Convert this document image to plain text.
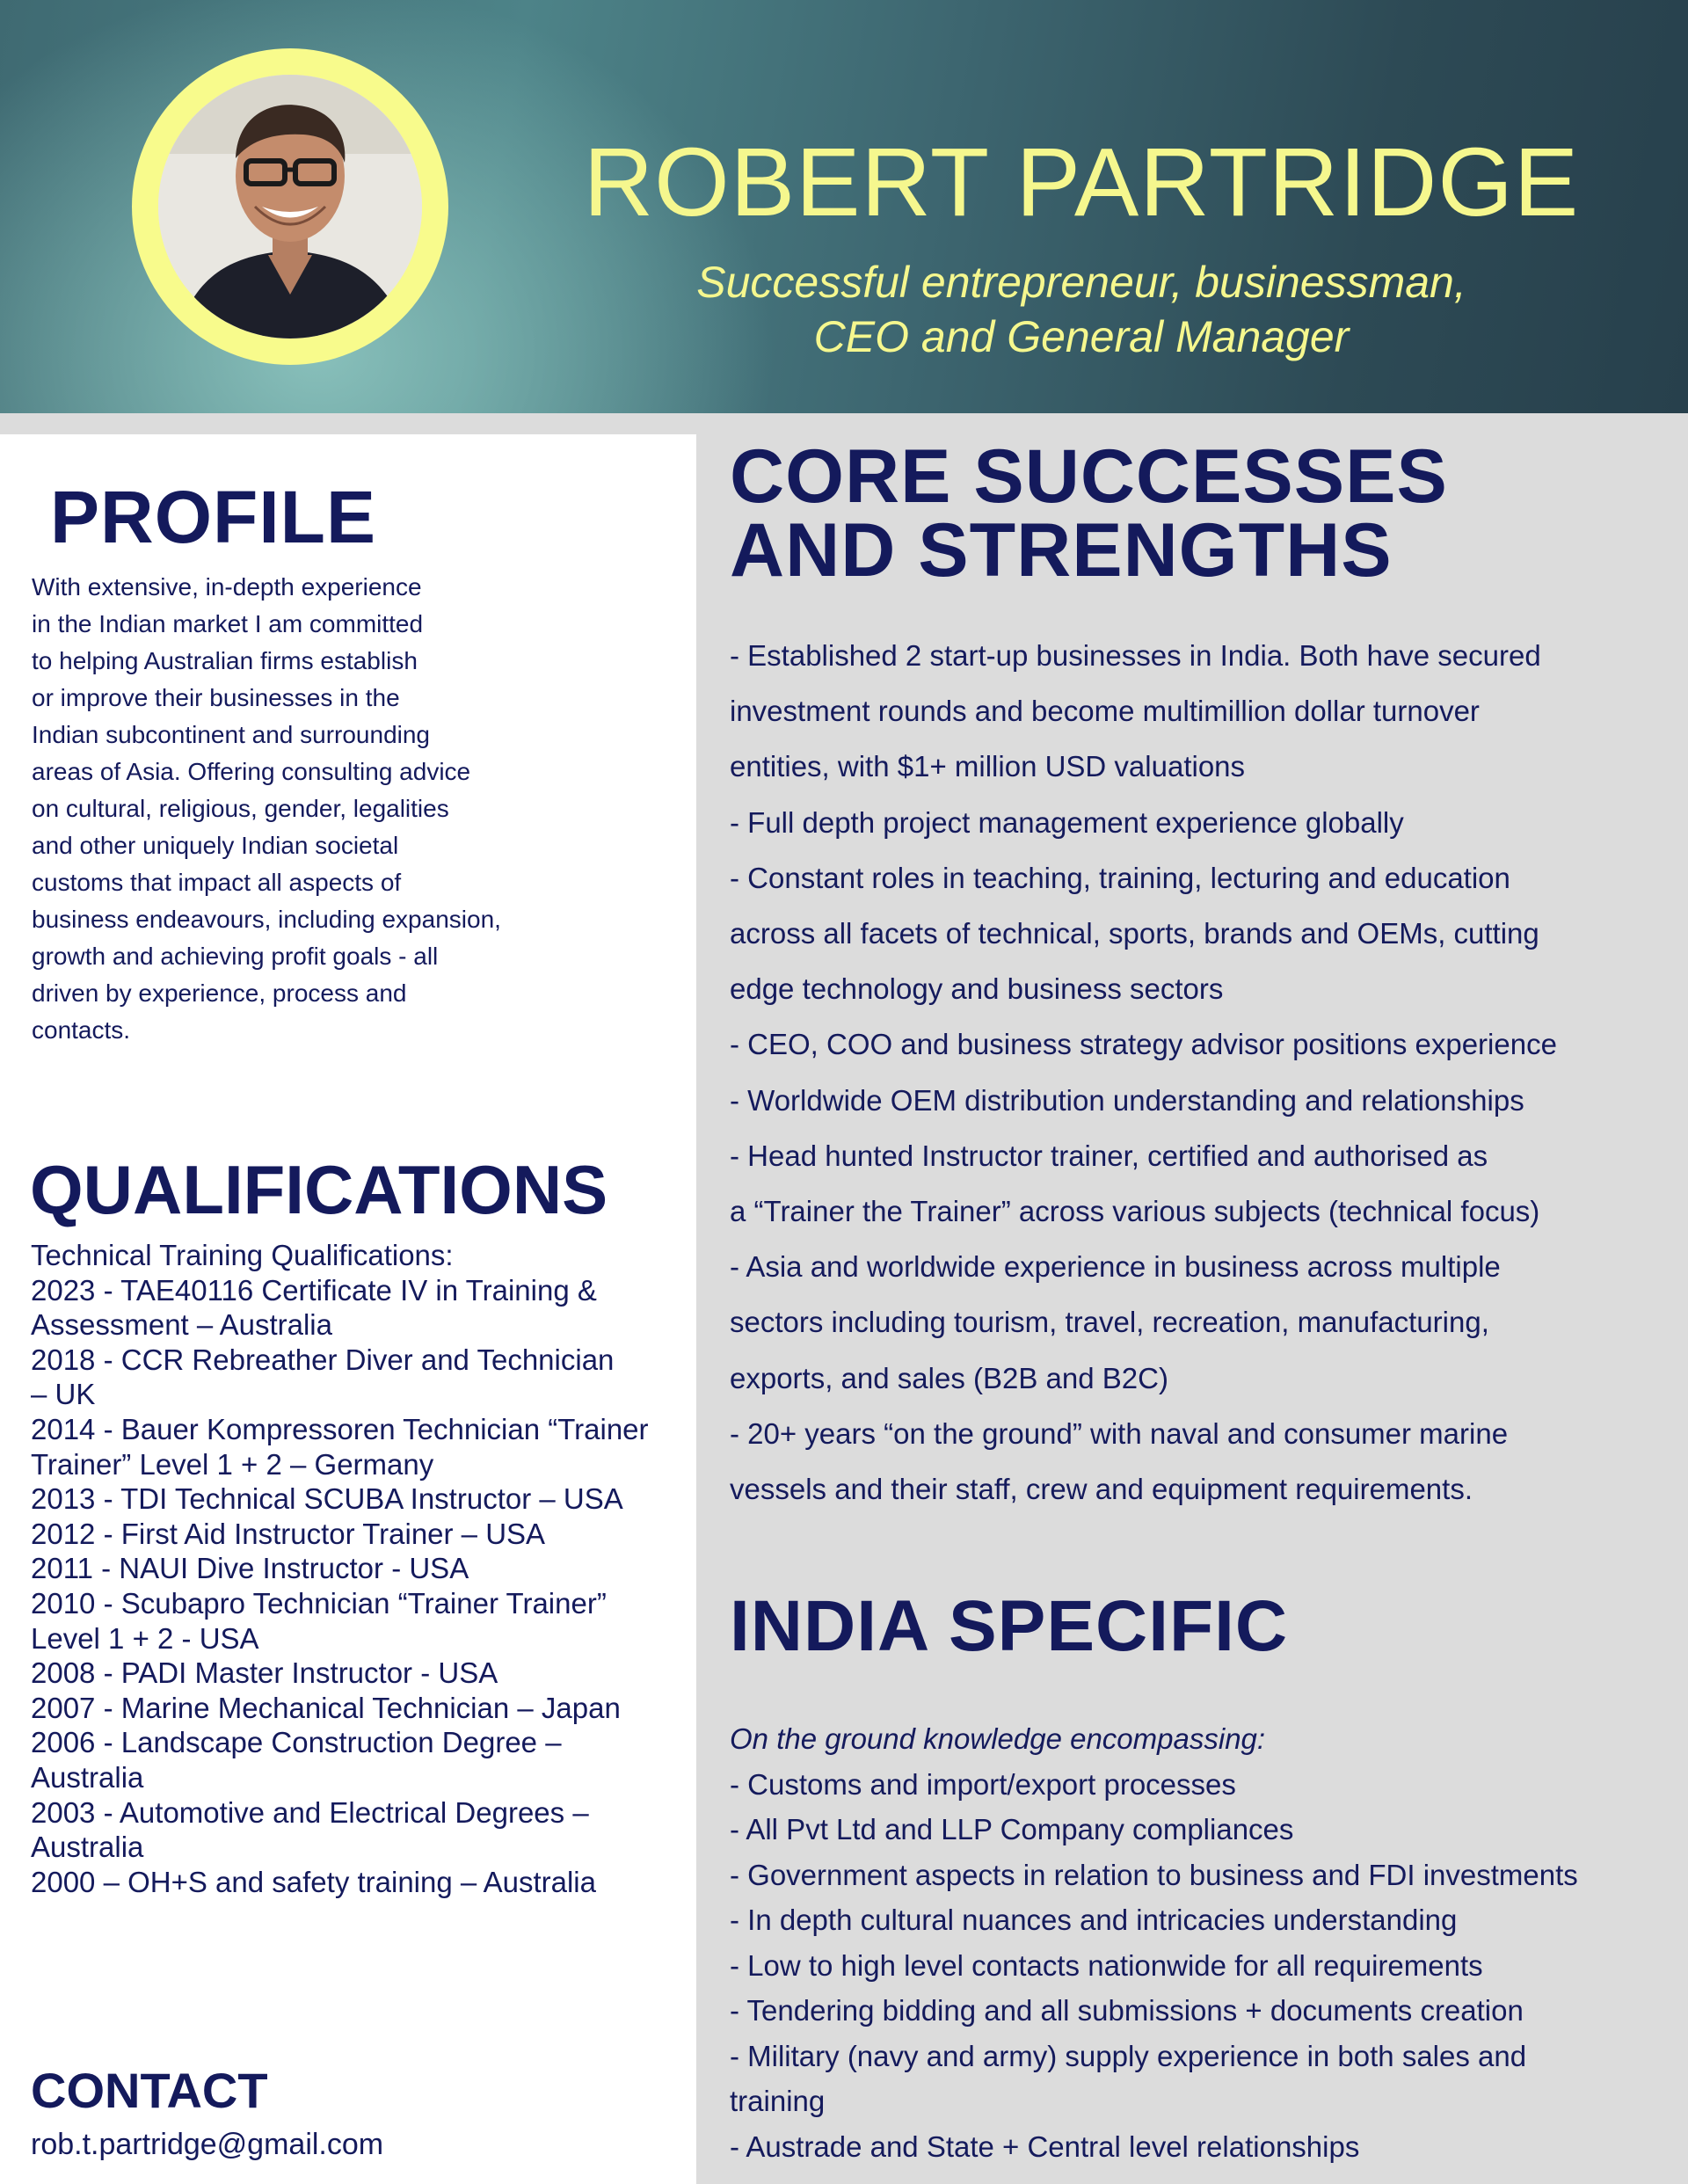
ROBERT PARTRIDGE
Successful entrepreneur, businessman,
CEO and General Manager
PROFILE
With extensive, in-depth experience
in the Indian market I am committed
to helping Australian firms establish
or improve their businesses in the
Indian subcontinent and surrounding
areas of Asia. Offering consulting advice
on cultural, religious, gender, legalities
and other uniquely Indian societal
customs that impact all aspects of
business endeavours, including expansion,
growth and achieving profit goals - all
driven by experience, process and
contacts.
QUALIFICATIONS
Technical Training Qualifications:
2023 - TAE40116 Certificate IV in Training &
Assessment – Australia
2018 - CCR Rebreather Diver and Technician
– UK
2014 - Bauer Kompressoren Technician “Trainer
Trainer” Level 1 + 2 – Germany
2013 - TDI Technical SCUBA Instructor – USA
2012 - First Aid Instructor Trainer – USA
2011 - NAUI Dive Instructor - USA
2010 - Scubapro Technician “Trainer Trainer”
Level 1 + 2 - USA
2008 - PADI Master Instructor - USA
2007 - Marine Mechanical Technician – Japan
2006 - Landscape Construction Degree –
Australia
2003 - Automotive and Electrical Degrees –
Australia
2000 – OH+S and safety training – Australia
CONTACT
rob.t.partridge@gmail.com
CORE SUCCESSES
AND STRENGTHS
- Established 2 start-up businesses in India. Both have secured
investment rounds and become multimillion dollar turnover
entities, with $1+ million USD valuations
- Full depth project management experience globally
- Constant roles in teaching, training, lecturing and education
across all facets of technical, sports, brands and OEMs, cutting
edge technology and business sectors
- CEO, COO and business strategy advisor positions experience
- Worldwide OEM distribution understanding and relationships
- Head hunted Instructor trainer, certified and authorised as
a “Trainer the Trainer” across various subjects (technical focus)
- Asia and worldwide experience in business across multiple
sectors including tourism, travel, recreation, manufacturing,
exports, and sales (B2B and B2C)
- 20+ years “on the ground” with naval and consumer marine
vessels and their staff, crew and equipment requirements.
INDIA SPECIFIC
On the ground knowledge encompassing:
- Customs and import/export processes
- All Pvt Ltd and LLP Company compliances
- Government aspects in relation to business and FDI investments
- In depth cultural nuances and intricacies understanding
- Low to high level contacts nationwide for all requirements
- Tendering bidding and all submissions + documents creation
- Military (navy and army) supply experience in both sales and
training
- Austrade and State + Central level relationships
